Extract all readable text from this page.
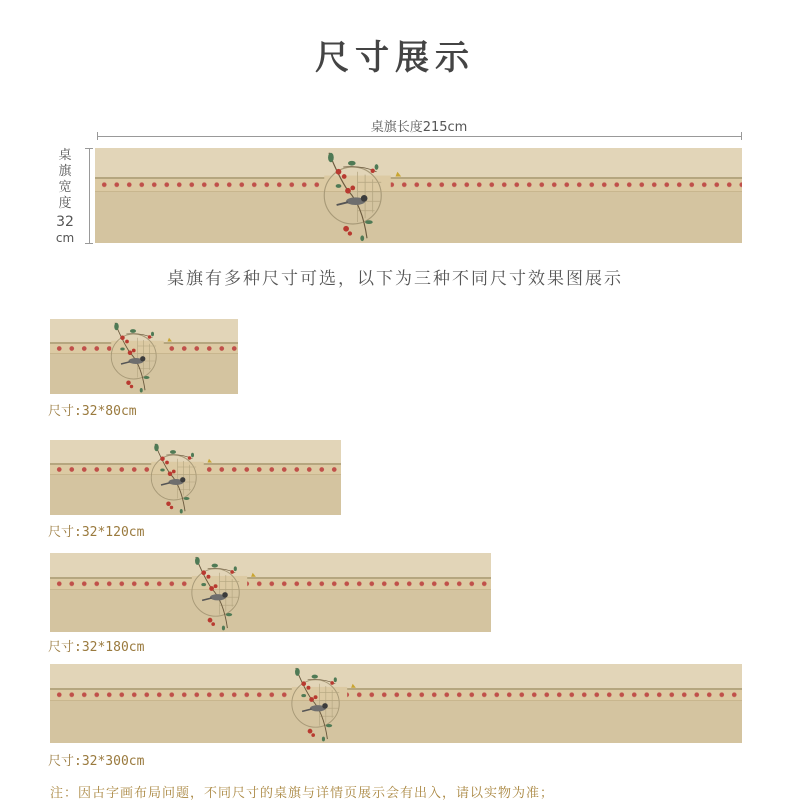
尺寸展示
桌旗长度215cm
桌
旗
宽
度
32
cm
桌旗有多种尺寸可选，以下为三种不同尺寸效果图展示
尺寸:32*80cm
尺寸:32*120cm
尺寸:32*180cm
尺寸:32*300cm
注：因古字画布局问题，不同尺寸的桌旗与详情页展示会有出入，请以实物为准；
